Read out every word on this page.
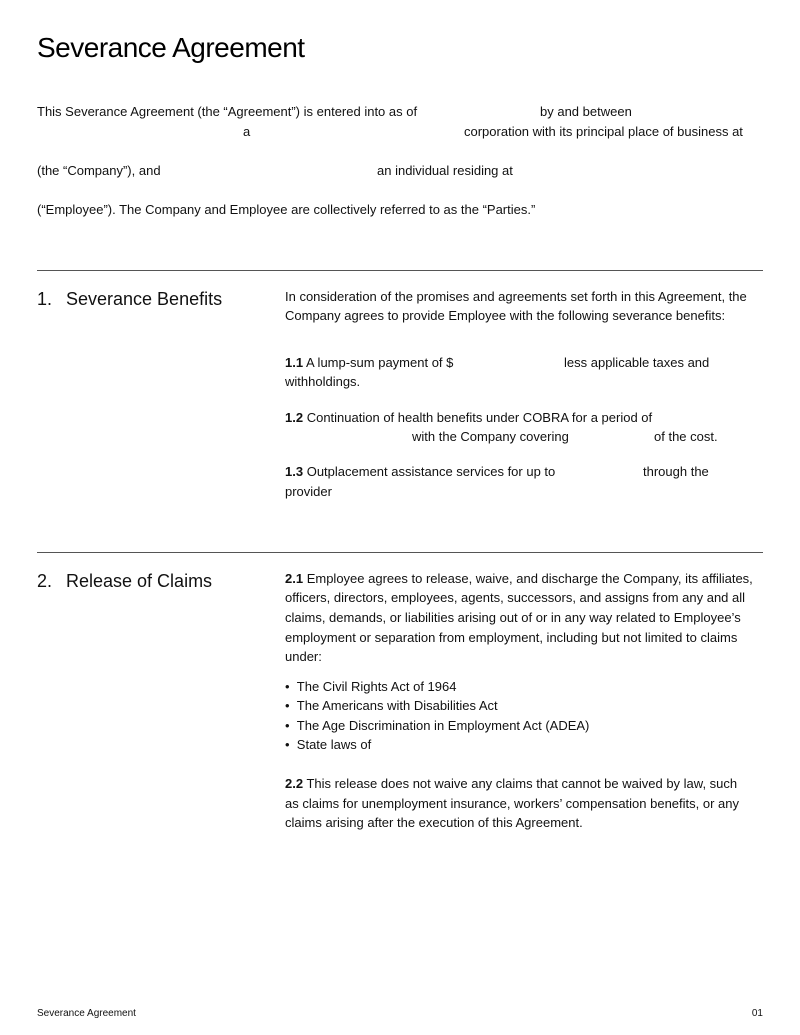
Severance Agreement
This Severance Agreement (the “Agreement”) is entered into as of	by and between
a	corporation with its principal place of business at
(the “Company”), and	an individual residing at
(“Employee”). The Company and Employee are collectively referred to as the “Parties.”
1. Severance Benefits	In consideration of the promises and agreements set forth in this Agreement, the
Company agrees to provide Employee with the following severance benefits:
1.1 A lump-sum payment of $	less applicable taxes and
withholdings.
1.2 Continuation of health benefits under COBRA for a period of
with the Company covering	of the cost.
1.3 Outplacement assistance services for up to	through the
provider
2. Release of Claims	2.1 Employee agrees to release, waive, and discharge the Company, its affiliates,
officers, directors, employees, agents, successors, and assigns from any and all
claims, demands, or liabilities arising out of or in any way related to Employee’s
employment or separation from employment, including but not limited to claims
under:
•  The Civil Rights Act of 1964
•  The Americans with Disabilities Act
•  The Age Discrimination in Employment Act (ADEA)
•  State laws of
2.2 This release does not waive any claims that cannot be waived by law, such
as claims for unemployment insurance, workers’ compensation benefits, or any
claims arising after the execution of this Agreement.
Severance Agreement	01
